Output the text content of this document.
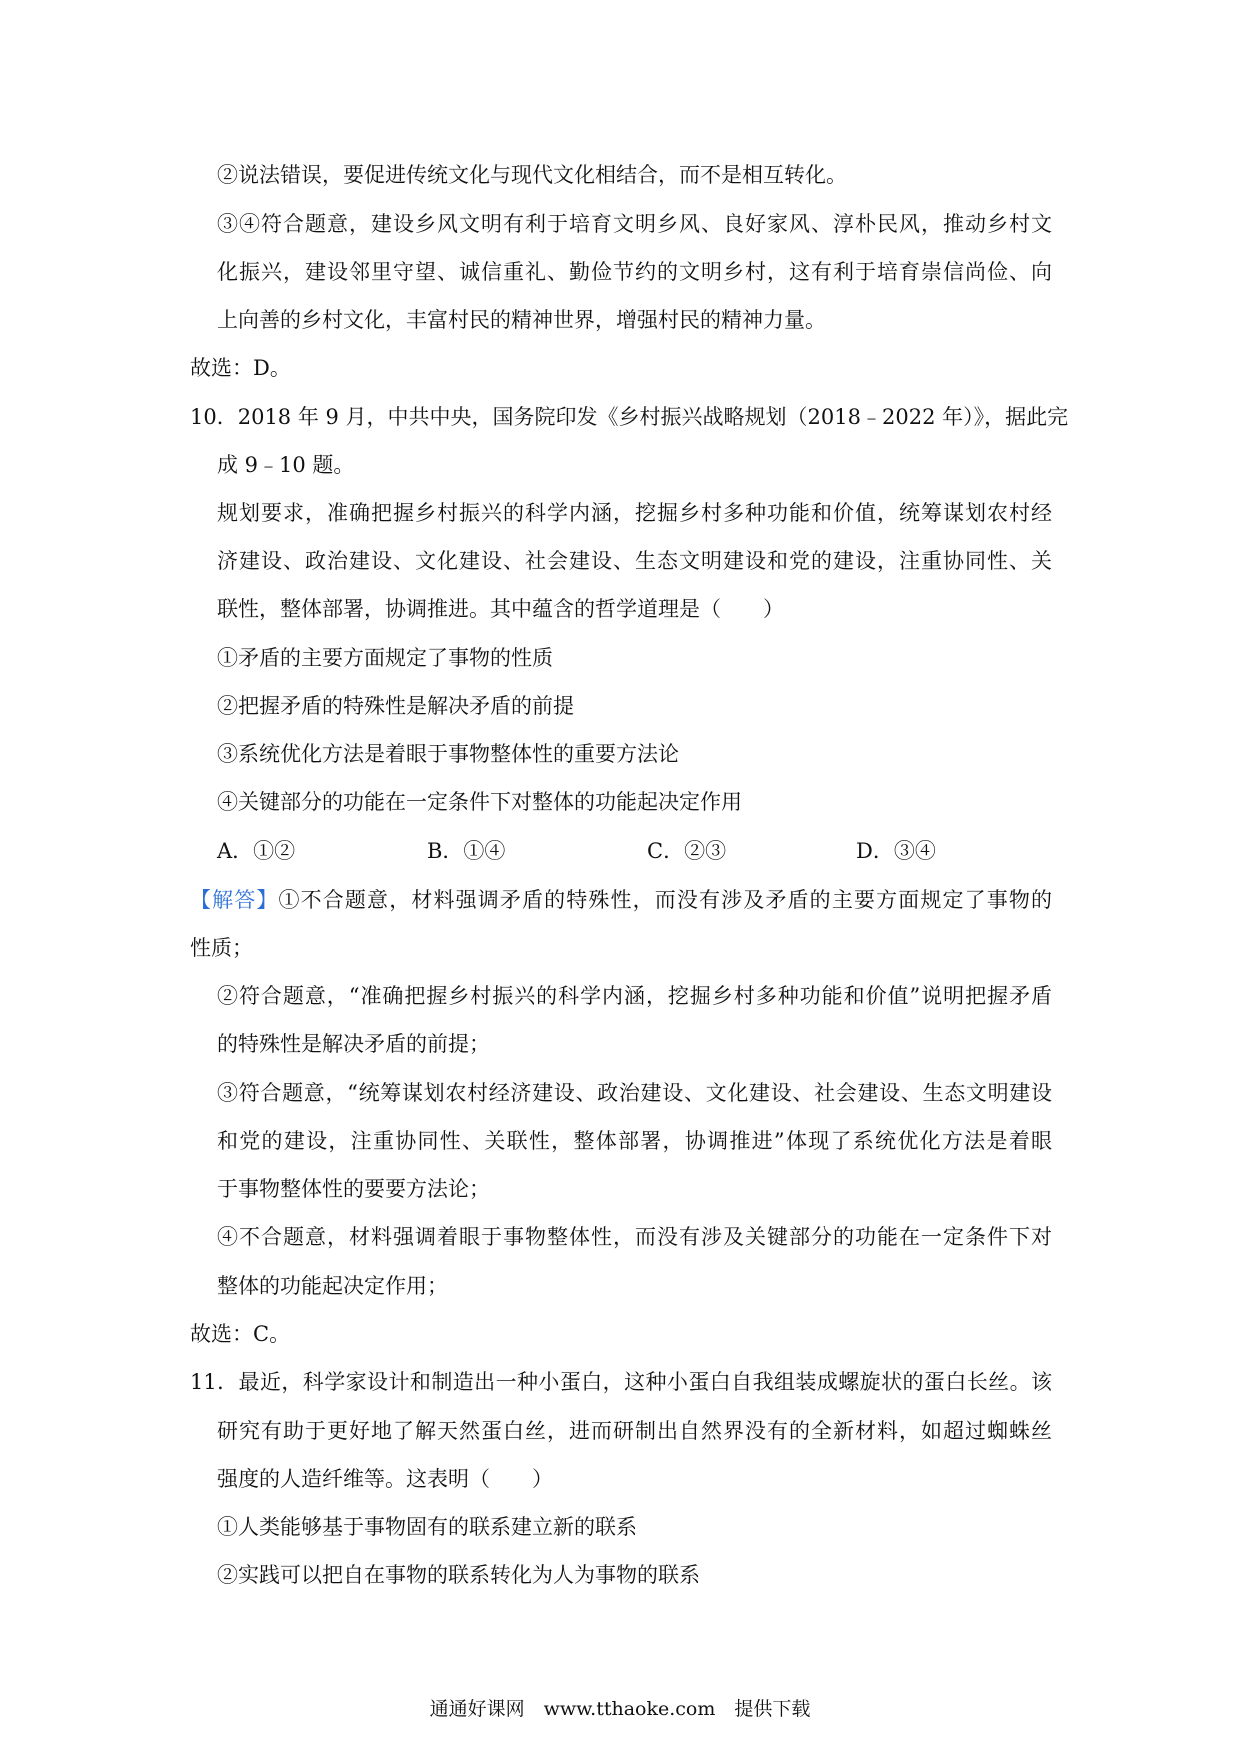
②说法错误，要促进传统文化与现代文化相结合，而不是相互转化。
③④符合题意，建设乡风文明有利于培育文明乡风、良好家风、淳朴民风，推动乡村文
化振兴，建设邻里守望、诚信重礼、勤俭节约的文明乡村，这有利于培育崇信尚俭、向
上向善的乡村文化，丰富村民的精神世界，增强村民的精神力量。
故选：D。
10．2018 年 9 月，中共中央，国务院印发《乡村振兴战略规划（2018﹣2022 年）》，据此完
成 9﹣10 题。
规划要求，准确把握乡村振兴的科学内涵，挖掘乡村多种功能和价值，统筹谋划农村经
济建设、政治建设、文化建设、社会建设、生态文明建设和党的建设，注重协同性、关
联性，整体部署，协调推进。其中蕴含的哲学道理是（　　）
①矛盾的主要方面规定了事物的性质
②把握矛盾的特殊性是解决矛盾的前提
③系统优化方法是着眼于事物整体性的重要方法论
④关键部分的功能在一定条件下对整体的功能起决定作用
A．①②	B．①④	C．②③	D．③④
【解答】①不合题意，材料强调矛盾的特殊性，而没有涉及矛盾的主要方面规定了事物的
性质；
②符合题意，“准确把握乡村振兴的科学内涵，挖掘乡村多种功能和价值”说明把握矛盾
的特殊性是解决矛盾的前提；
③符合题意，“统筹谋划农村经济建设、政治建设、文化建设、社会建设、生态文明建设
和党的建设，注重协同性、关联性，整体部署，协调推进”体现了系统优化方法是着眼
于事物整体性的要要方法论；
④不合题意，材料强调着眼于事物整体性，而没有涉及关键部分的功能在一定条件下对
整体的功能起决定作用；
故选：C。
11．最近，科学家设计和制造出一种小蛋白，这种小蛋白自我组装成螺旋状的蛋白长丝。该
研究有助于更好地了解天然蛋白丝，进而研制出自然界没有的全新材料，如超过蜘蛛丝
强度的人造纤维等。这表明（　　）
①人类能够基于事物固有的联系建立新的联系
②实践可以把自在事物的联系转化为人为事物的联系
通通好课网　www.tthaoke.com　提供下载
